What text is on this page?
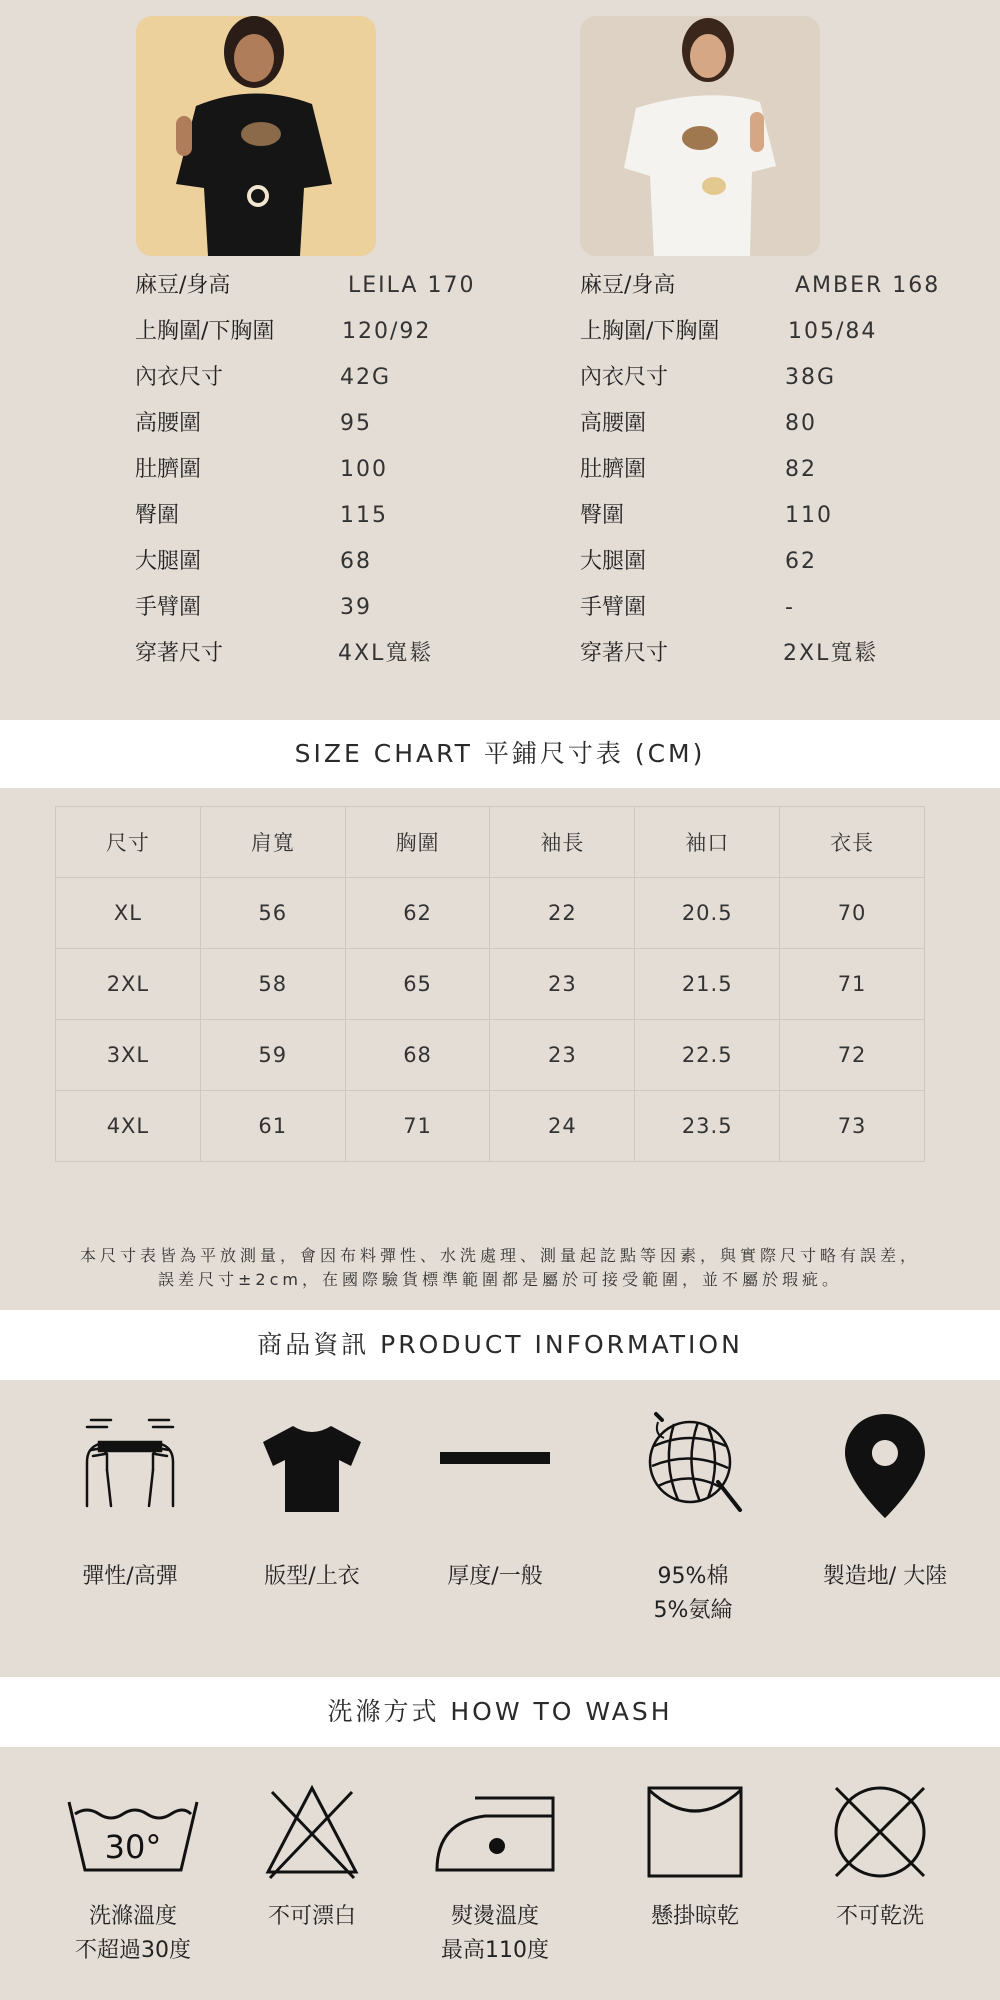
麻豆/身高	LEILA 170
上胸圍/下胸圍	120/92
內衣尺寸	42G
高腰圍	95
肚臍圍	100
臀圍	115
大腿圍	68
手臂圍	39
穿著尺寸	4XL寬鬆
麻豆/身高	AMBER 168
上胸圍/下胸圍	105/84
內衣尺寸	38G
高腰圍	80
肚臍圍	82
臀圍	110
大腿圍	62
手臂圍	-
穿著尺寸	2XL寬鬆
SIZE CHART 平鋪尺寸表 (CM)
尺寸	肩寬	胸圍	袖長	袖口	衣長
XL	56	62	22	20.5	70
2XL	58	65	23	21.5	71
3XL	59	68	23	22.5	72
4XL	61	71	24	23.5	73
本尺寸表皆為平放測量，會因布料彈性、水洗處理、測量起訖點等因素，與實際尺寸略有誤差，
誤差尺寸±2cm，在國際驗貨標準範圍都是屬於可接受範圍，並不屬於瑕疵。
商品資訊 PRODUCT INFORMATION
彈性/高彈	版型/上衣	厚度/一般	95%棉
5%氨綸
製造地/ 大陸
洗滌方式 HOW TO WASH
30°
洗滌溫度
不超過30度
不可漂白	熨燙溫度
最高110度
懸掛晾乾	不可乾洗
